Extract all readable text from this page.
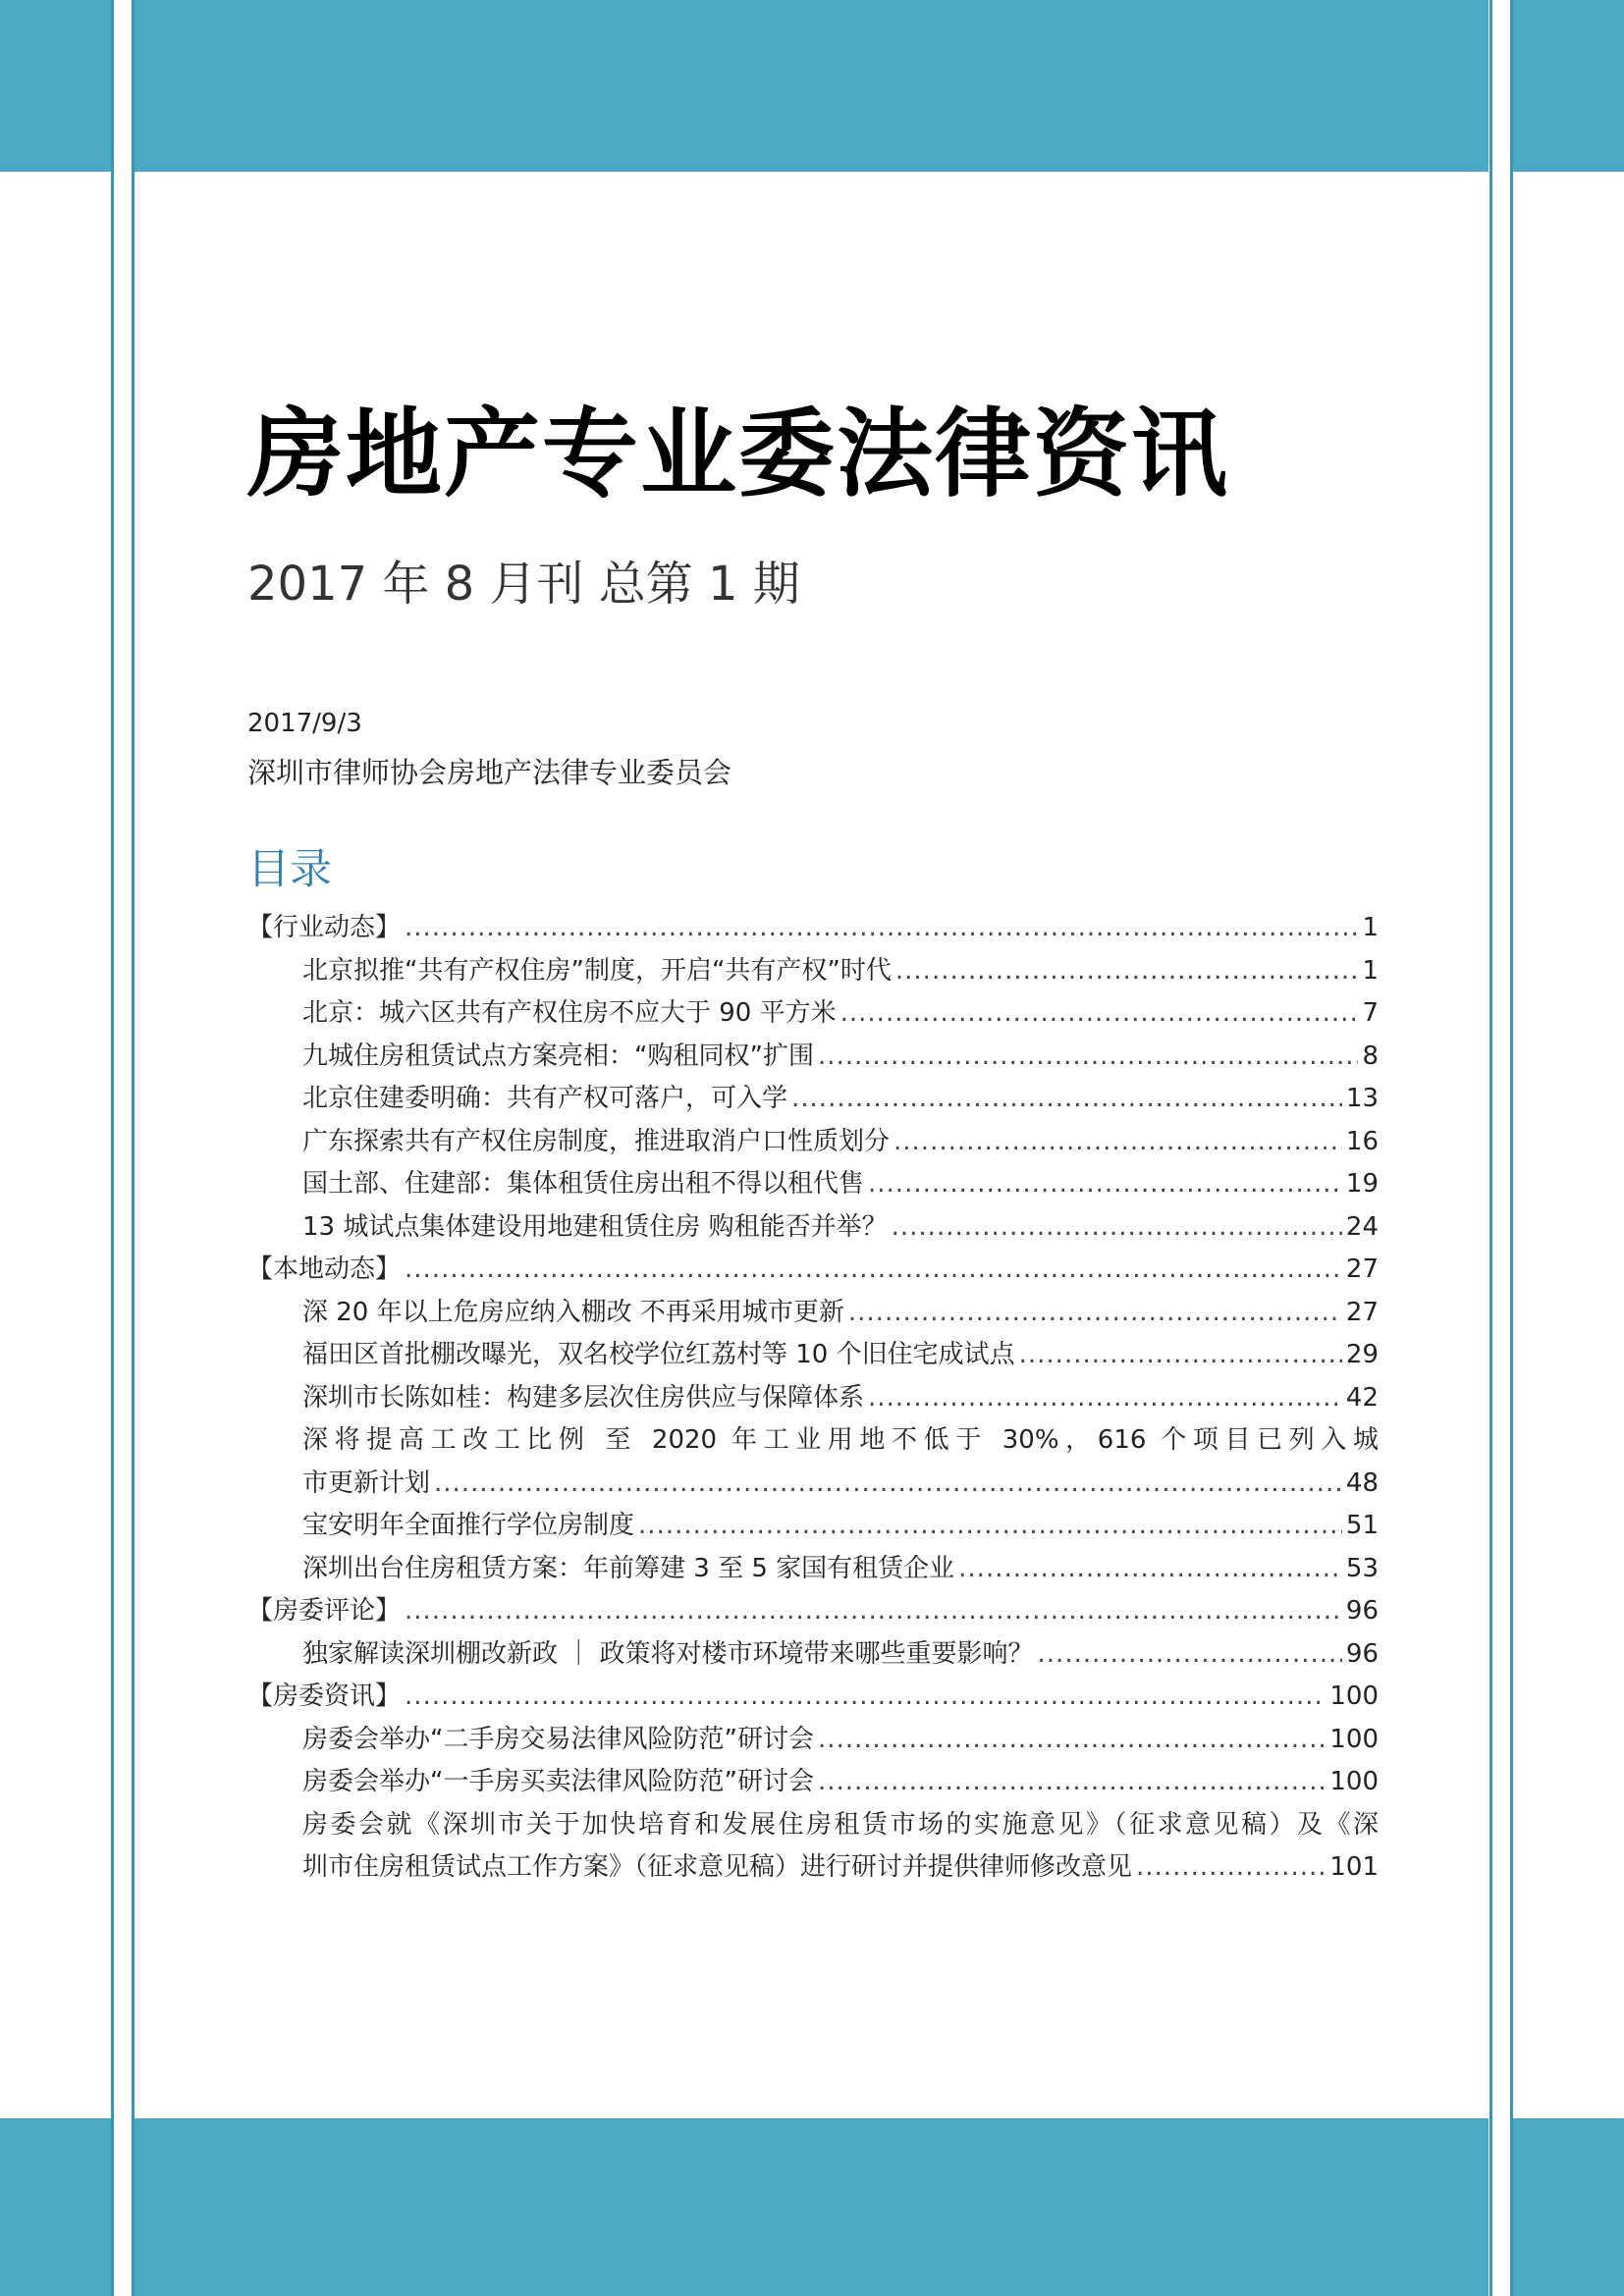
房地产专业委法律资讯
2017 年 8 月刊 总第 1 期
2017/9/3
深圳市律师协会房地产法律专业委员会
目录
【行业动态】 .....	1
北京拟推“共有产权住房”制度，开启“共有产权”时代 .....	1
北京：城六区共有产权住房不应大于 90 平方米 .....	7
九城住房租赁试点方案亮相：“购租同权”扩围 .....	8
北京住建委明确：共有产权可落户，可入学 .....	13
广东探索共有产权住房制度，推进取消户口性质划分 .....	16
国土部、住建部：集体租赁住房出租不得以租代售 .....	19
13 城试点集体建设用地建租赁住房 购租能否并举？ .....	24
【本地动态】 .....	27
深 20 年以上危房应纳入棚改 不再采用城市更新 .....	27
福田区首批棚改曝光，双名校学位红荔村等 10 个旧住宅成试点 .....	29
深圳市长陈如桂：构建多层次住房供应与保障体系 .....	42
深将提高工改工比例 至 2020 年工业用地不低于 30%，616 个项目已列入城
市更新计划 .....	48
宝安明年全面推行学位房制度 .....	51
深圳出台住房租赁方案：年前筹建 3 至 5 家国有租赁企业 .....	53
【房委评论】 .....	96
独家解读深圳棚改新政 ｜ 政策将对楼市环境带来哪些重要影响？ .....	96
【房委资讯】 .....	100
房委会举办“二手房交易法律风险防范”研讨会 .....	100
房委会举办“一手房买卖法律风险防范”研讨会 .....	100
房委会就《深圳市关于加快培育和发展住房租赁市场的实施意见》（征求意见稿）及《深
圳市住房租赁试点工作方案》（征求意见稿）进行研讨并提供律师修改意见 .....	101
